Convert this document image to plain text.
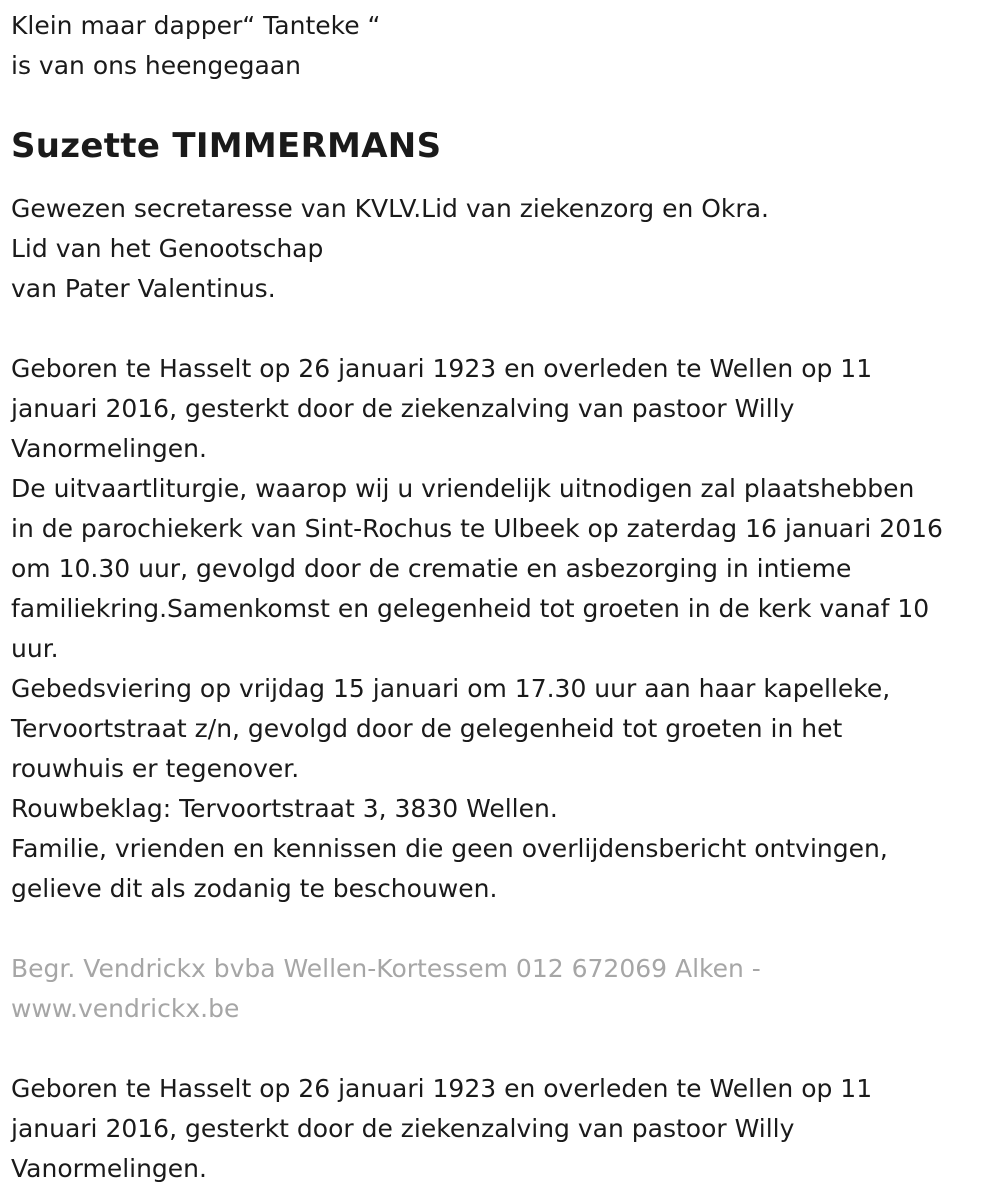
Klein maar dapper“ Tanteke “

is van ons heengegaan

Suzette TIMMERMANS

Gewezen secretaresse van KVLV.Lid van ziekenzorg en Okra.

Lid van het Genootschap

van Pater Valentinus.

Geboren te Hasselt op 26 januari 1923 en overleden te Wellen op 11

januari 2016, gesterkt door de ziekenzalving van pastoor Willy

Vanormelingen.

De uitvaartliturgie, waarop wij u vriendelijk uitnodigen zal plaatshebben

in de parochiekerk van Sint-Rochus te Ulbeek op zaterdag 16 januari 2016

om 10.30 uur, gevolgd door de crematie en asbezorging in intieme

familiekring.Samenkomst en gelegenheid tot groeten in de kerk vanaf 10

uur.

Gebedsviering op vrijdag 15 januari om 17.30 uur aan haar kapelleke,

Tervoortstraat z/n, gevolgd door de gelegenheid tot groeten in het

rouwhuis er tegenover.

Rouwbeklag: Tervoortstraat 3, 3830 Wellen.

Familie, vrienden en kennissen die geen overlijdensbericht ontvingen,

gelieve dit als zodanig te beschouwen.

Begr. Vendrickx bvba Wellen-Kortessem 012 672069 Alken -

www.vendrickx.be

Geboren te Hasselt op 26 januari 1923 en overleden te Wellen op 11

januari 2016, gesterkt door de ziekenzalving van pastoor Willy

Vanormelingen.
